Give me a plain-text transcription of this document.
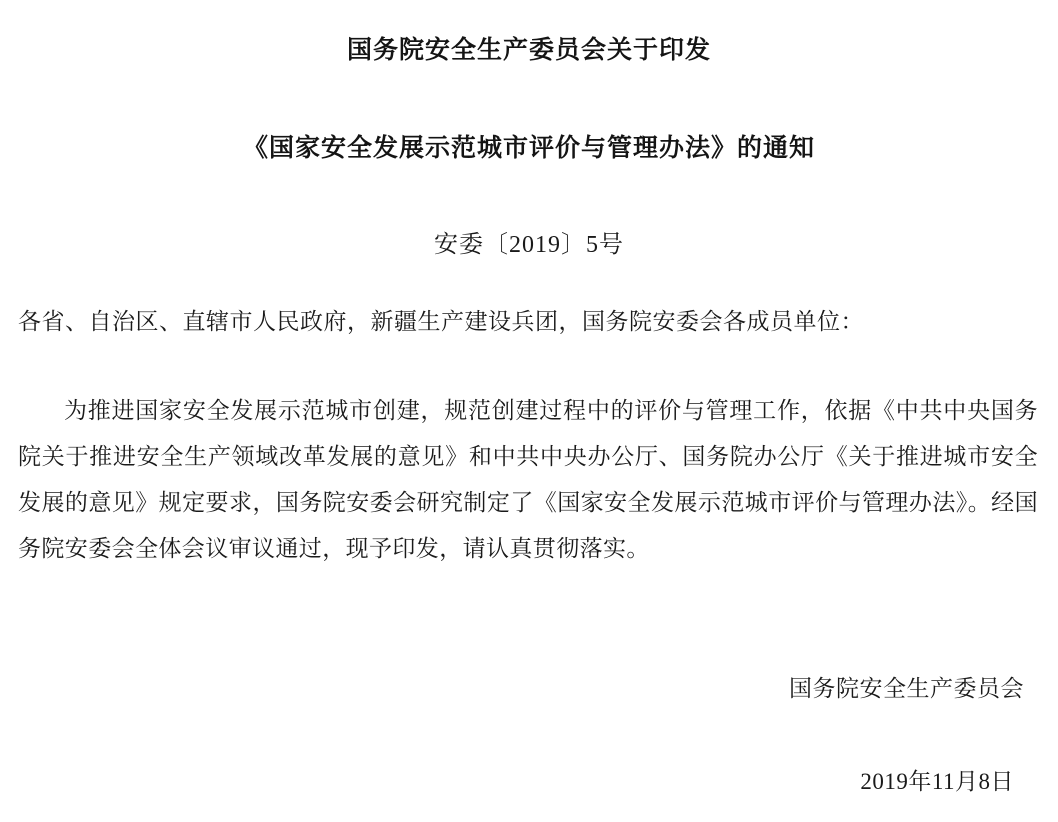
国务院安全生产委员会关于印发
《国家安全发展示范城市评价与管理办法》的通知
安委〔2019〕5号
各省、自治区、直辖市人民政府，新疆生产建设兵团，国务院安委会各成员单位：
为推进国家安全发展示范城市创建，规范创建过程中的评价与管理工作，依据《中共中央国务院关于推进安全生产领域改革发展的意见》和中共中央办公厅、国务院办公厅《关于推进城市安全发展的意见》规定要求，国务院安委会研究制定了《国家安全发展示范城市评价与管理办法》。经国务院安委会全体会议审议通过，现予印发，请认真贯彻落实。
国务院安全生产委员会
2019年11月8日
